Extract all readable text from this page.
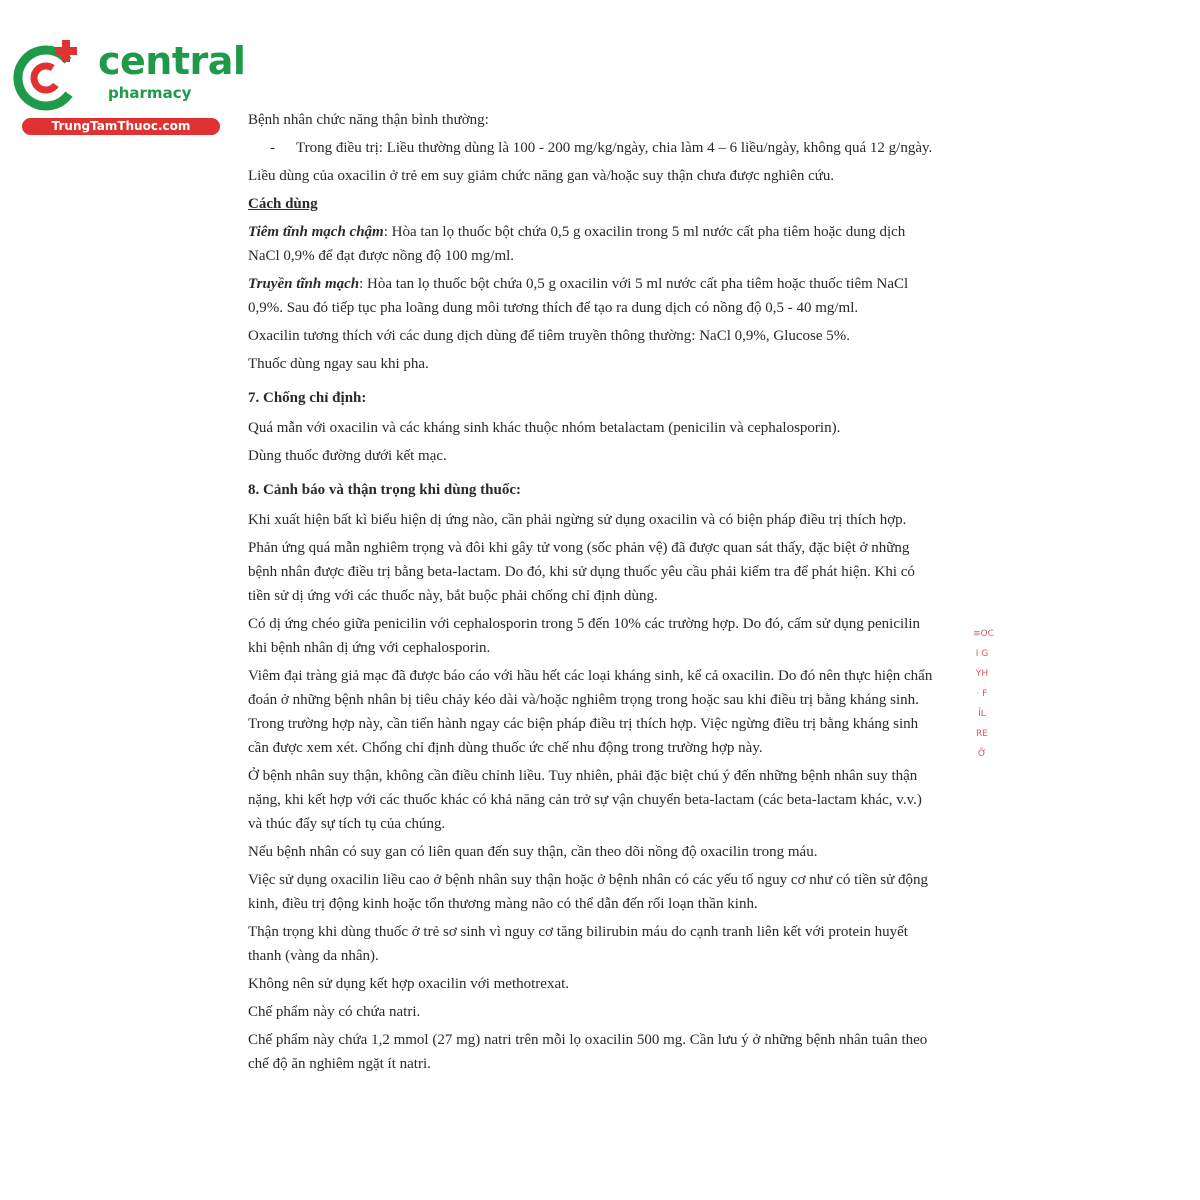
central
pharmacy
TrungTamThuoc.com	Bệnh nhân chức năng thận bình thường:

-	Trong điều trị: Liều thường dùng là 100 - 200 mg/kg/ngày, chia làm 4 – 6 liều/ngày, không quá 12 g/ngày.

Liều dùng của oxacilin ở trẻ em suy giảm chức năng gan và/hoặc suy thận chưa được nghiên cứu.

Cách dùng

Tiêm tĩnh mạch chậm: Hòa tan lọ thuốc bột chứa 0,5 g oxacilin trong 5 ml nước cất pha tiêm hoặc dung dịch NaCl 0,9% để đạt được nồng độ 100 mg/ml.

Truyền tĩnh mạch: Hòa tan lọ thuốc bột chứa 0,5 g oxacilin với 5 ml nước cất pha tiêm hoặc thuốc tiêm NaCl 0,9%. Sau đó tiếp tục pha loãng dung môi tương thích để tạo ra dung dịch có nồng độ 0,5 - 40 mg/ml.

Oxacilin tương thích với các dung dịch dùng để tiêm truyền thông thường: NaCl 0,9%, Glucose 5%.

Thuốc dùng ngay sau khi pha.

7. Chống chỉ định:

Quá mẫn với oxacilin và các kháng sinh khác thuộc nhóm betalactam (penicilin và cephalosporin).

Dùng thuốc đường dưới kết mạc.

8. Cảnh báo và thận trọng khi dùng thuốc:

Khi xuất hiện bất kì biểu hiện dị ứng nào, cần phải ngừng sử dụng oxacilin và có biện pháp điều trị thích hợp.

Phản ứng quá mẫn nghiêm trọng và đôi khi gây tử vong (sốc phản vệ) đã được quan sát thấy, đặc biệt ở những bệnh nhân được điều trị bằng beta-lactam. Do đó, khi sử dụng thuốc yêu cầu phải kiểm tra để phát hiện. Khi có tiền sử dị ứng với các thuốc này, bắt buộc phải chống chỉ định dùng.

Có dị ứng chéo giữa penicilin với cephalosporin trong 5 đến 10% các trường hợp. Do đó, cấm sử dụng penicilin khi bệnh nhân dị ứng với cephalosporin.

Viêm đại tràng giả mạc đã được báo cáo với hầu hết các loại kháng sinh, kể cả oxacilin. Do đó nên thực hiện chẩn đoán ở những bệnh nhân bị tiêu chảy kéo dài và/hoặc nghiêm trọng trong hoặc sau khi điều trị bằng kháng sinh. Trong trường hợp này, cần tiến hành ngay các biện pháp điều trị thích hợp. Việc ngừng điều trị bằng kháng sinh cần được xem xét. Chống chỉ định dùng thuốc ức chế nhu động trong trường hợp này.

Ở bệnh nhân suy thận, không cần điều chỉnh liều. Tuy nhiên, phải đặc biệt chú ý đến những bệnh nhân suy thận nặng, khi kết hợp với các thuốc khác có khả năng cản trở sự vận chuyển beta-lactam (các beta-lactam khác, v.v.) và thúc đẩy sự tích tụ của chúng.

Nếu bệnh nhân có suy gan có liên quan đến suy thận, cần theo dõi nồng độ oxacilin trong máu.

Việc sử dụng oxacilin liều cao ở bệnh nhân suy thận hoặc ở bệnh nhân có các yếu tố nguy cơ như có tiền sử động kinh, điều trị động kinh hoặc tổn thương màng não có thể dẫn đến rối loạn thần kinh.

Thận trọng khi dùng thuốc ở trẻ sơ sinh vì nguy cơ tăng bilirubin máu do cạnh tranh liên kết với protein huyết thanh (vàng da nhân).

Không nên sử dụng kết hợp oxacilin với methotrexat.

Chế phẩm này có chứa natri.

Chế phẩm này chứa 1,2 mmol (27 mg) natri trên mỗi lọ oxacilin 500 mg. Cần lưu ý ở những bệnh nhân tuân theo chế độ ăn nghiêm ngặt ít natri.

≡OC
I G
ÝH
· F
ỈL
RE
Ỡ
